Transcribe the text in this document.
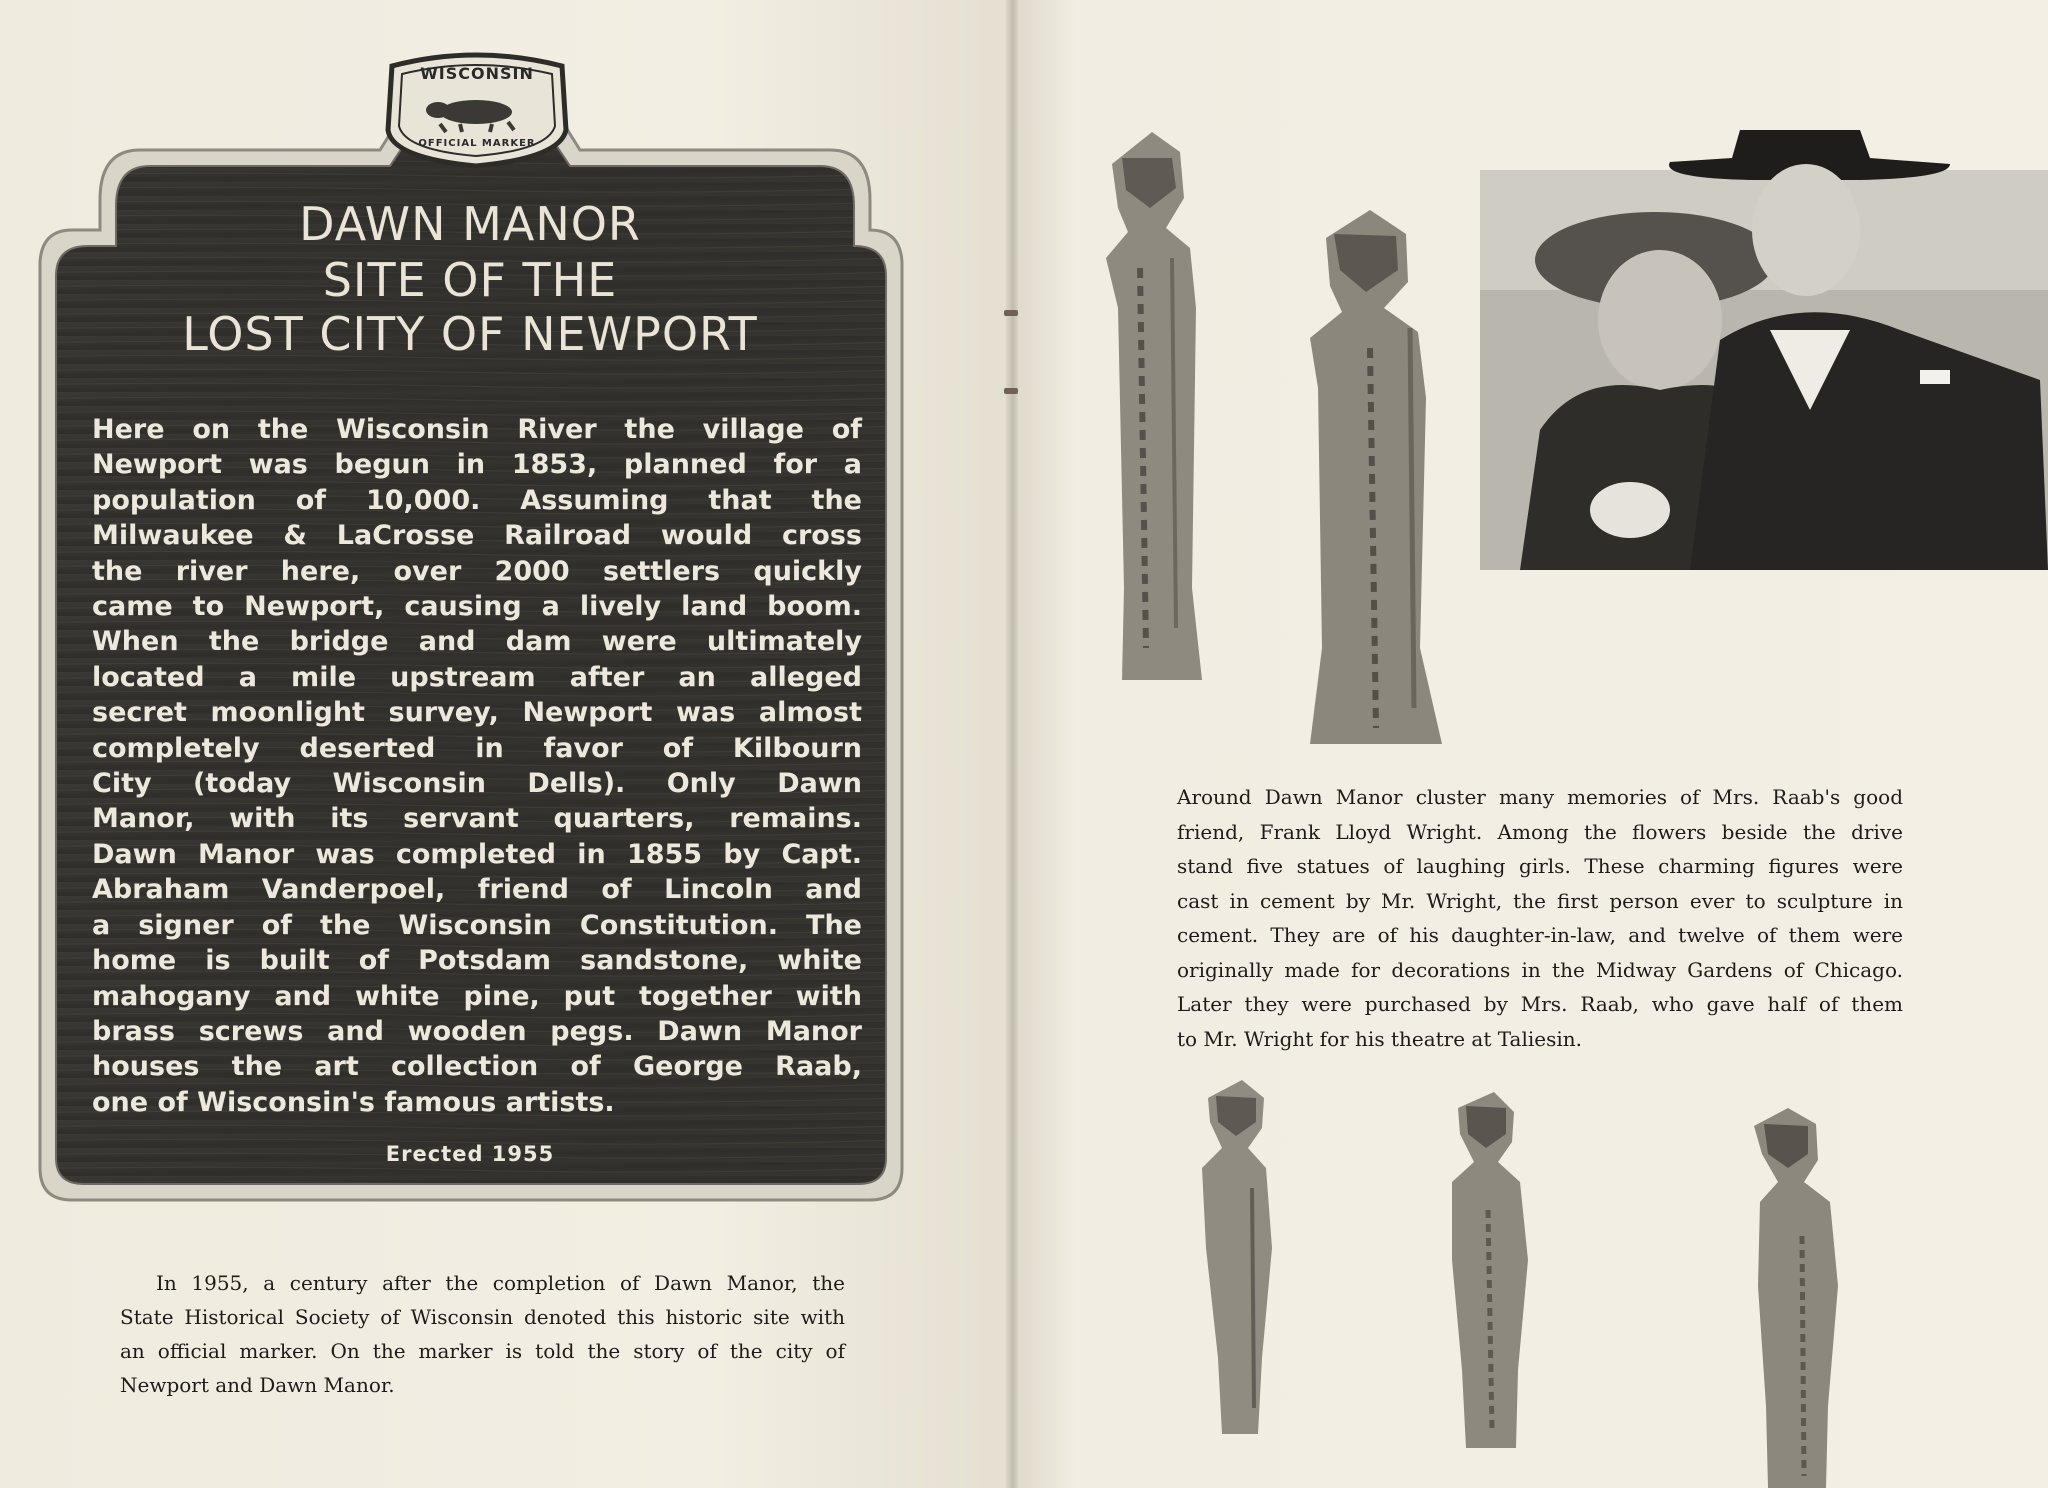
WISCONSIN
OFFICIAL MARKER
DAWN MANOR
SITE OF THE
LOST CITY OF NEWPORT
Here on the Wisconsin River the village of
Newport was begun in 1853, planned for a
population of 10,000. Assuming that the
Milwaukee & LaCrosse Railroad would cross
the river here, over 2000 settlers quickly
came to Newport, causing a lively land boom.
When the bridge and dam were ultimately
located a mile upstream after an alleged
secret moonlight survey, Newport was almost
completely deserted in favor of Kilbourn
City (today Wisconsin Dells). Only Dawn
Manor, with its servant quarters, remains.
Dawn Manor was completed in 1855 by Capt.
Abraham Vanderpoel, friend of Lincoln and
a signer of the Wisconsin Constitution. The
home is built of Potsdam sandstone, white
mahogany and white pine, put together with
brass screws and wooden pegs. Dawn Manor
houses the art collection of George Raab,
one of Wisconsin's famous artists.
Erected 1955
In 1955, a century after the completion of Dawn Manor, the
State Historical Society of Wisconsin denoted this historic site with
an official marker. On the marker is told the story of the city of
Newport and Dawn Manor.
Around Dawn Manor cluster many memories of Mrs. Raab's good
friend, Frank Lloyd Wright. Among the flowers beside the drive
stand five statues of laughing girls. These charming figures were
cast in cement by Mr. Wright, the first person ever to sculpture in
cement. They are of his daughter-in-law, and twelve of them were
originally made for decorations in the Midway Gardens of Chicago.
Later they were purchased by Mrs. Raab, who gave half of them
to Mr. Wright for his theatre at Taliesin.
